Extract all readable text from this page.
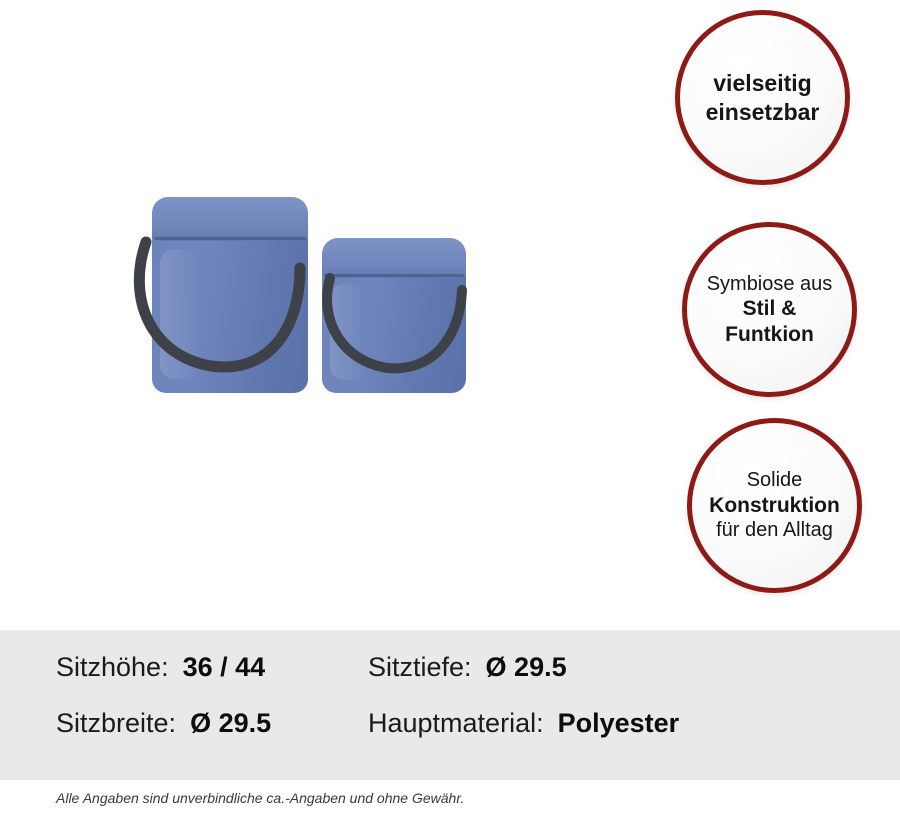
vielseitig
einsetzbar
Symbiose aus
Stil & Funtkion
Solide
Konstruktion
für den Alltag
Sitzhöhe: 36 / 44	Sitztiefe: Ø 29.5
Sitzbreite: Ø 29.5	Hauptmaterial: Polyester
Alle Angaben sind unverbindliche ca.-Angaben und ohne Gewähr.
